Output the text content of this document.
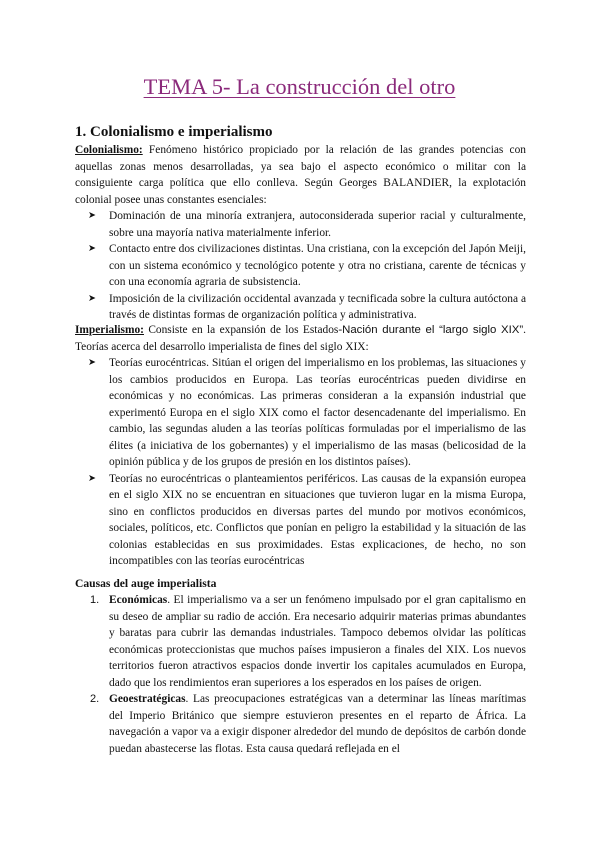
TEMA 5- La construcción del otro
1. Colonialismo e imperialismo
Colonialismo: Fenómeno histórico propiciado por la relación de las grandes potencias con aquellas zonas menos desarrolladas, ya sea bajo el aspecto económico o militar con la consiguiente carga política que ello conlleva. Según Georges BALANDIER, la explotación colonial posee unas constantes esenciales:
➤ Dominación de una minoría extranjera, autoconsiderada superior racial y culturalmente, sobre una mayoría nativa materialmente inferior.
➤ Contacto entre dos civilizaciones distintas. Una cristiana, con la excepción del Japón Meiji, con un sistema económico y tecnológico potente y otra no cristiana, carente de técnicas y con una economía agraria de subsistencia.
➤ Imposición de la civilización occidental avanzada y tecnificada sobre la cultura autóctona a través de distintas formas de organización política y administrativa.
Imperialismo: Consiste en la expansión de los Estados-Nación durante el “largo siglo XIX”. Teorías acerca del desarrollo imperialista de fines del siglo XIX:
➤ Teorías eurocéntricas. Sitúan el origen del imperialismo en los problemas, las situaciones y los cambios producidos en Europa. Las teorías eurocéntricas pueden dividirse en económicas y no económicas. Las primeras consideran a la expansión industrial que experimentó Europa en el siglo XIX como el factor desencadenante del imperialismo. En cambio, las segundas aluden a las teorías políticas formuladas por el imperialismo de las élites (a iniciativa de los gobernantes) y el imperialismo de las masas (belicosidad de la opinión pública y de los grupos de presión en los distintos países).
➤ Teorías no eurocéntricas o planteamientos periféricos. Las causas de la expansión europea en el siglo XIX no se encuentran en situaciones que tuvieron lugar en la misma Europa, sino en conflictos producidos en diversas partes del mundo por motivos económicos, sociales, políticos, etc. Conflictos que ponían en peligro la estabilidad y la situación de las colonias establecidas en sus proximidades. Estas explicaciones, de hecho, no son incompatibles con las teorías eurocéntricas
Causas del auge imperialista
1. Económicas. El imperialismo va a ser un fenómeno impulsado por el gran capitalismo en su deseo de ampliar su radio de acción. Era necesario adquirir materias primas abundantes y baratas para cubrir las demandas industriales. Tampoco debemos olvidar las políticas económicas proteccionistas que muchos países impusieron a finales del XIX. Los nuevos territorios fueron atractivos espacios donde invertir los capitales acumulados en Europa, dado que los rendimientos eran superiores a los esperados en los países de origen.
2. Geoestratégicas. Las preocupaciones estratégicas van a determinar las líneas marítimas del Imperio Británico que siempre estuvieron presentes en el reparto de África. La navegación a vapor va a exigir disponer alrededor del mundo de depósitos de carbón donde puedan abastecerse las flotas. Esta causa quedará reflejada en el
